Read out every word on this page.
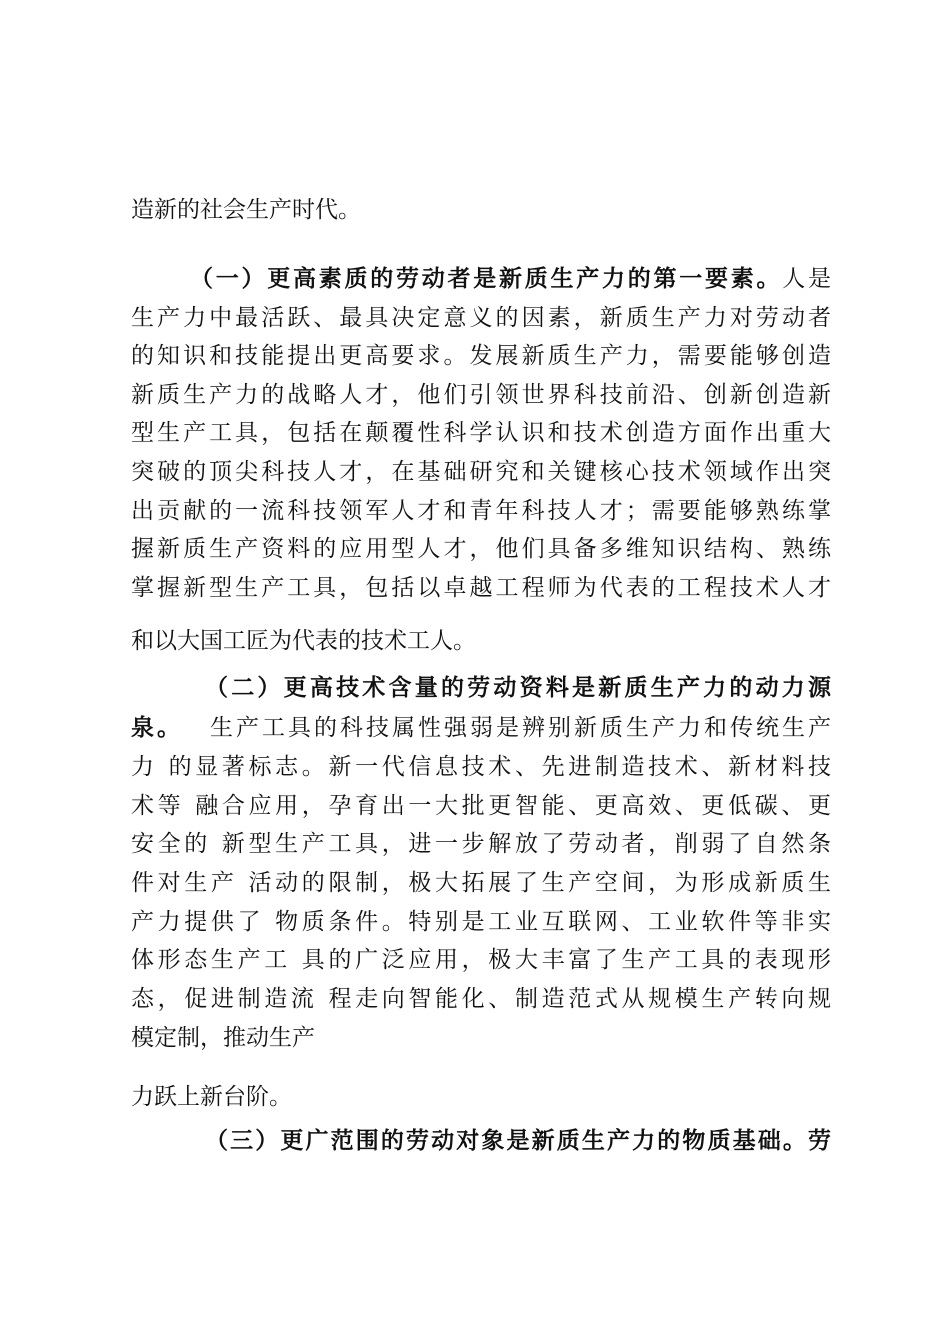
造新的社会生产时代。
（一）更高素质的劳动者是新质生产力的第一要素。人是
生产力中最活跃、最具决定意义的因素，新质生产力对劳动者
的知识和技能提出更高要求。发展新质生产力，需要能够创造
新质生产力的战略人才，他们引领世界科技前沿、创新创造新
型生产工具，包括在颠覆性科学认识和技术创造方面作出重大
突破的顶尖科技人才，在基础研究和关键核心技术领域作出突
出贡献的一流科技领军人才和青年科技人才；需要能够熟练掌
握新质生产资料的应用型人才，他们具备多维知识结构、熟练
掌握新型生产工具，包括以卓越工程师为代表的工程技术人才
和以大国工匠为代表的技术工人。
（二）更高技术含量的劳动资料是新质生产力的动力源
泉。 生产工具的科技属性强弱是辨别新质生产力和传统生产
力 的显著标志。新一代信息技术、先进制造技术、新材料技
术等 融合应用，孕育出一大批更智能、更高效、更低碳、更
安全的 新型生产工具，进一步解放了劳动者，削弱了自然条
件对生产 活动的限制，极大拓展了生产空间，为形成新质生
产力提供了 物质条件。特别是工业互联网、工业软件等非实
体形态生产工 具的广泛应用，极大丰富了生产工具的表现形
态，促进制造流 程走向智能化、制造范式从规模生产转向规
模定制，推动生产
力跃上新台阶。
（三）更广范围的劳动对象是新质生产力的物质基础。劳
